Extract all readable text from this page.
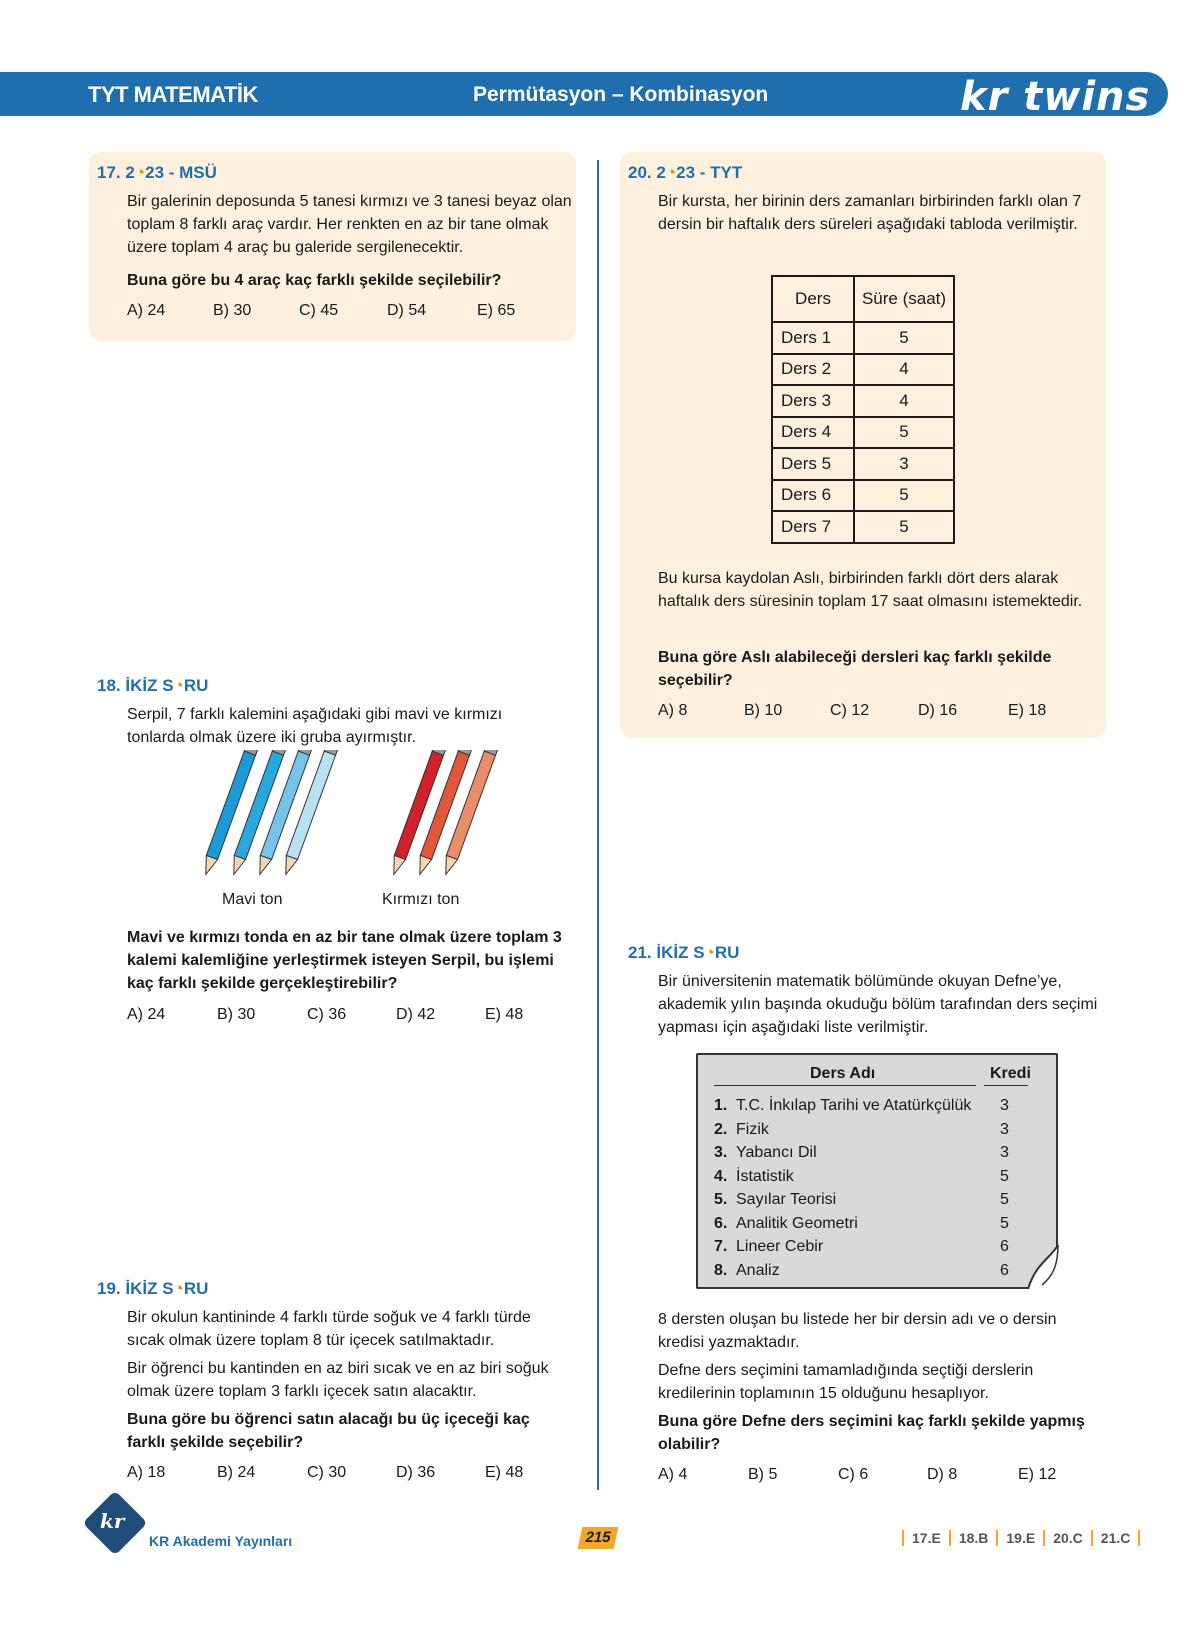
TYT MATEMATİK	Permütasyon – Kombinasyon	kr twins
17. 2◔23 - MSÜ
Bir galerinin deposunda 5 tanesi kırmızı ve 3 tanesi beyaz olan toplam 8 farklı araç vardır. Her renkten en az bir tane olmak üzere toplam 4 araç bu galeride sergilenecektir.
Buna göre bu 4 araç kaç farklı şekilde seçilebilir?
A) 24	B) 30	C) 45	D) 54	E) 65
18. İKİZ S◔RU
Serpil, 7 farklı kalemini aşağıdaki gibi mavi ve kırmızı tonlarda olmak üzere iki gruba ayırmıştır.
Mavi ton	Kırmızı ton
Mavi ve kırmızı tonda en az bir tane olmak üzere toplam 3 kalemi kalemliğine yerleştirmek isteyen Serpil, bu işlemi kaç farklı şekilde gerçekleştirebilir?
A) 24	B) 30	C) 36	D) 42	E) 48
19. İKİZ S◔RU
Bir okulun kantininde 4 farklı türde soğuk ve 4 farklı türde sıcak olmak üzere toplam 8 tür içecek satılmaktadır.
Bir öğrenci bu kantinden en az biri sıcak ve en az biri soğuk olmak üzere toplam 3 farklı içecek satın alacaktır.
Buna göre bu öğrenci satın alacağı bu üç içeceği kaç farklı şekilde seçebilir?
A) 18	B) 24	C) 30	D) 36	E) 48
20. 2◔23 - TYT
Bir kursta, her birinin ders zamanları birbirinden farklı olan 7 dersin bir haftalık ders süreleri aşağıdaki tabloda verilmiştir.
Ders	Süre (saat)
Ders 1	5
Ders 2	4
Ders 3	4
Ders 4	5
Ders 5	3
Ders 6	5
Ders 7	5
Bu kursa kaydolan Aslı, birbirinden farklı dört ders alarak haftalık ders süresinin toplam 17 saat olmasını istemektedir.
Buna göre Aslı alabileceği dersleri kaç farklı şekilde seçebilir?
A) 8	B) 10	C) 12	D) 16	E) 18
21. İKİZ S◔RU
Bir üniversitenin matematik bölümünde okuyan Defne’ye, akademik yılın başında okuduğu bölüm tarafından ders seçimi yapması için aşağıdaki liste verilmiştir.
Ders Adı	Kredi
1. T.C. İnkılap Tarihi ve Atatürkçülük 3
2. Fizik	3
3. Yabancı Dil	3
4. İstatistik	5
5. Sayılar Teorisi	5
6. Analitik Geometri	5
7. Lineer Cebir	6
8. Analiz	6
8 dersten oluşan bu listede her bir dersin adı ve o dersin kredisi yazmaktadır.
Defne ders seçimini tamamladığında seçtiği derslerin kredilerinin toplamının 15 olduğunu hesaplıyor.
Buna göre Defne ders seçimini kaç farklı şekilde yapmış olabilir?
A) 4	B) 5	C) 6	D) 8	E) 12
kr
KR Akademi Yayınları	215	17.E	18.B	19.E	20.C	21.C
